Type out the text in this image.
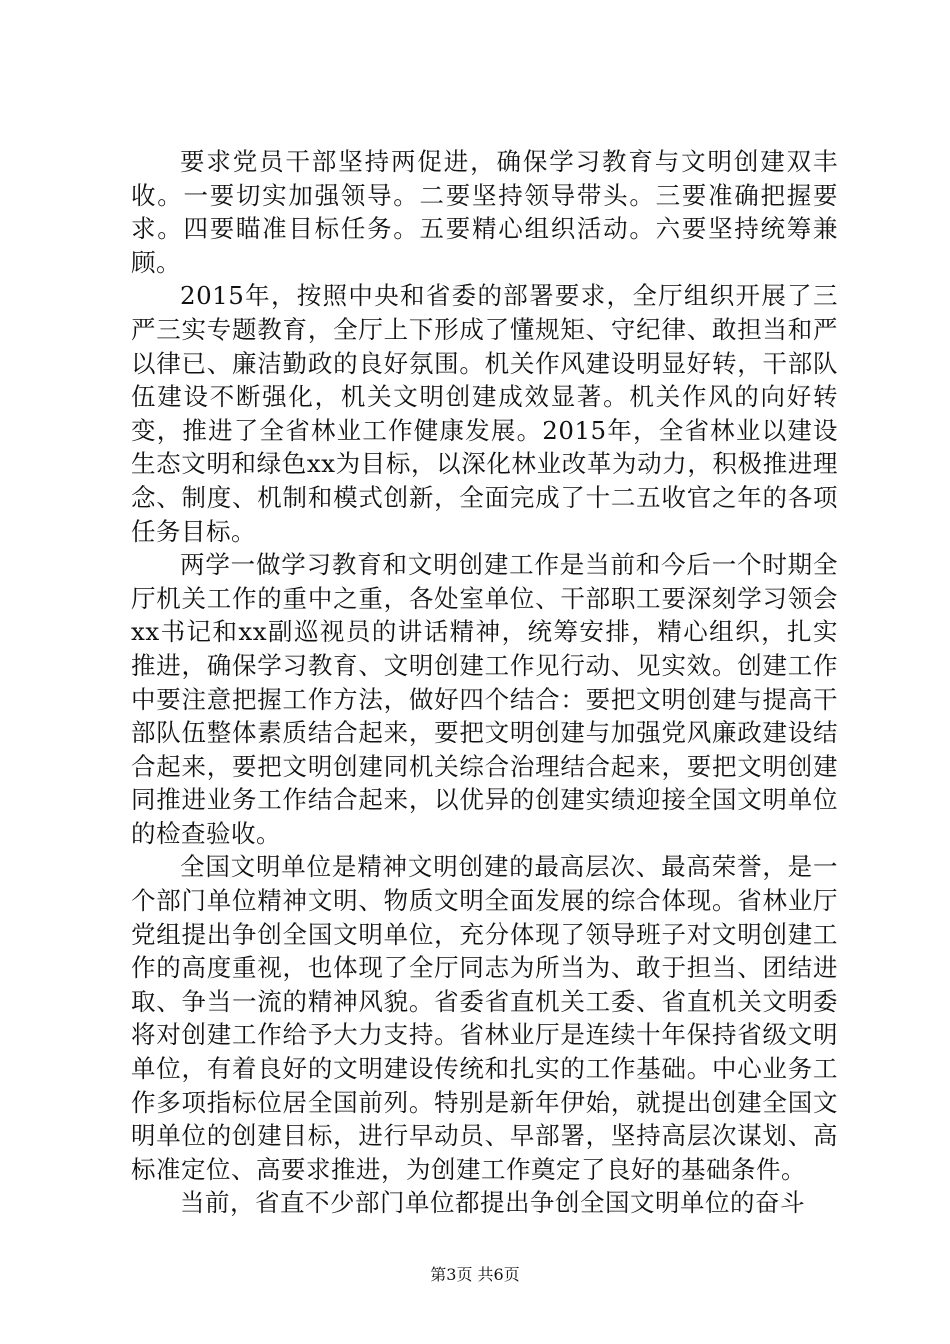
要求党员干部坚持两促进，确保学习教育与文明创建双丰收。一要切实加强领导。二要坚持领导带头。三要准确把握要求。四要瞄准目标任务。五要精心组织活动。六要坚持统筹兼顾。

2015年，按照中央和省委的部署要求，全厅组织开展了三严三实专题教育，全厅上下形成了懂规矩、守纪律、敢担当和严以律已、廉洁勤政的良好氛围。机关作风建设明显好转，干部队伍建设不断强化，机关文明创建成效显著。机关作风的向好转变，推进了全省林业工作健康发展。2015年，全省林业以建设生态文明和绿色xx为目标，以深化林业改革为动力，积极推进理念、制度、机制和模式创新，全面完成了十二五收官之年的各项任务目标。

两学一做学习教育和文明创建工作是当前和今后一个时期全厅机关工作的重中之重，各处室单位、干部职工要深刻学习领会xx书记和xx副巡视员的讲话精神，统筹安排，精心组织，扎实推进，确保学习教育、文明创建工作见行动、见实效。创建工作中要注意把握工作方法，做好四个结合：要把文明创建与提高干部队伍整体素质结合起来，要把文明创建与加强党风廉政建设结合起来，要把文明创建同机关综合治理结合起来，要把文明创建同推进业务工作结合起来，以优异的创建实绩迎接全国文明单位的检查验收。

全国文明单位是精神文明创建的最高层次、最高荣誉，是一个部门单位精神文明、物质文明全面发展的综合体现。省林业厅党组提出争创全国文明单位，充分体现了领导班子对文明创建工作的高度重视，也体现了全厅同志为所当为、敢于担当、团结进取、争当一流的精神风貌。省委省直机关工委、省直机关文明委将对创建工作给予大力支持。省林业厅是连续十年保持省级文明单位，有着良好的文明建设传统和扎实的工作基础。中心业务工作多项指标位居全国前列。特别是新年伊始，就提出创建全国文明单位的创建目标，进行早动员、早部署，坚持高层次谋划、高标准定位、高要求推进，为创建工作奠定了良好的基础条件。

当前，省直不少部门单位都提出争创全国文明单位的奋斗

第3页 共6页
